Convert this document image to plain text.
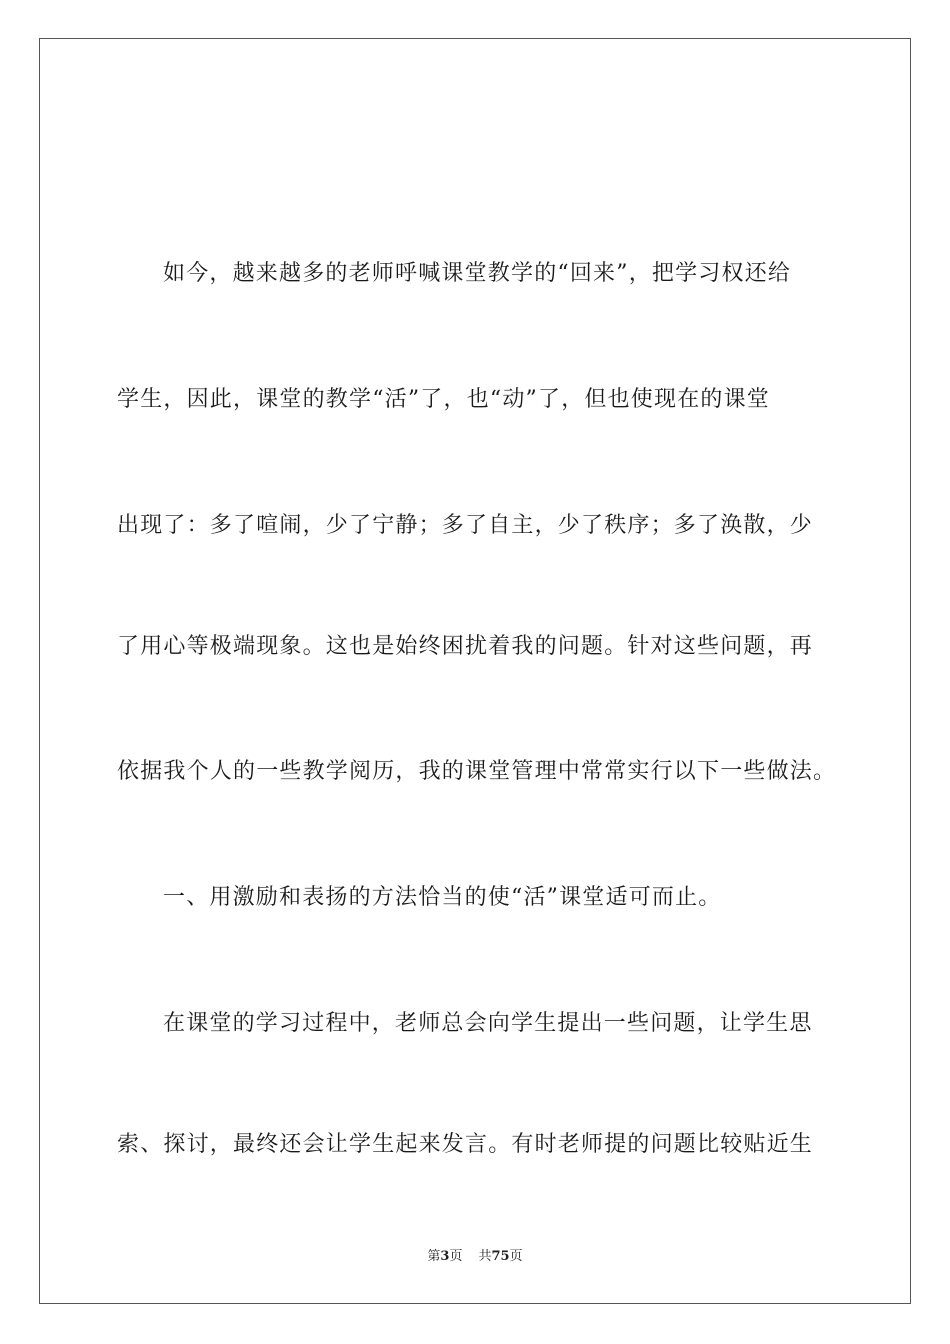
如今，越来越多的老师呼喊课堂教学的“回来”，把学习权还给
学生，因此，课堂的教学“活”了，也“动”了，但也使现在的课堂
出现了：多了喧闹，少了宁静；多了自主，少了秩序；多了涣散，少
了用心等极端现象。这也是始终困扰着我的问题。针对这些问题，再
依据我个人的一些教学阅历，我的课堂管理中常常实行以下一些做法。
一、用激励和表扬的方法恰当的使“活”课堂适可而止。
在课堂的学习过程中，老师总会向学生提出一些问题，让学生思
索、探讨，最终还会让学生起来发言。有时老师提的问题比较贴近生
第3页 共75页
